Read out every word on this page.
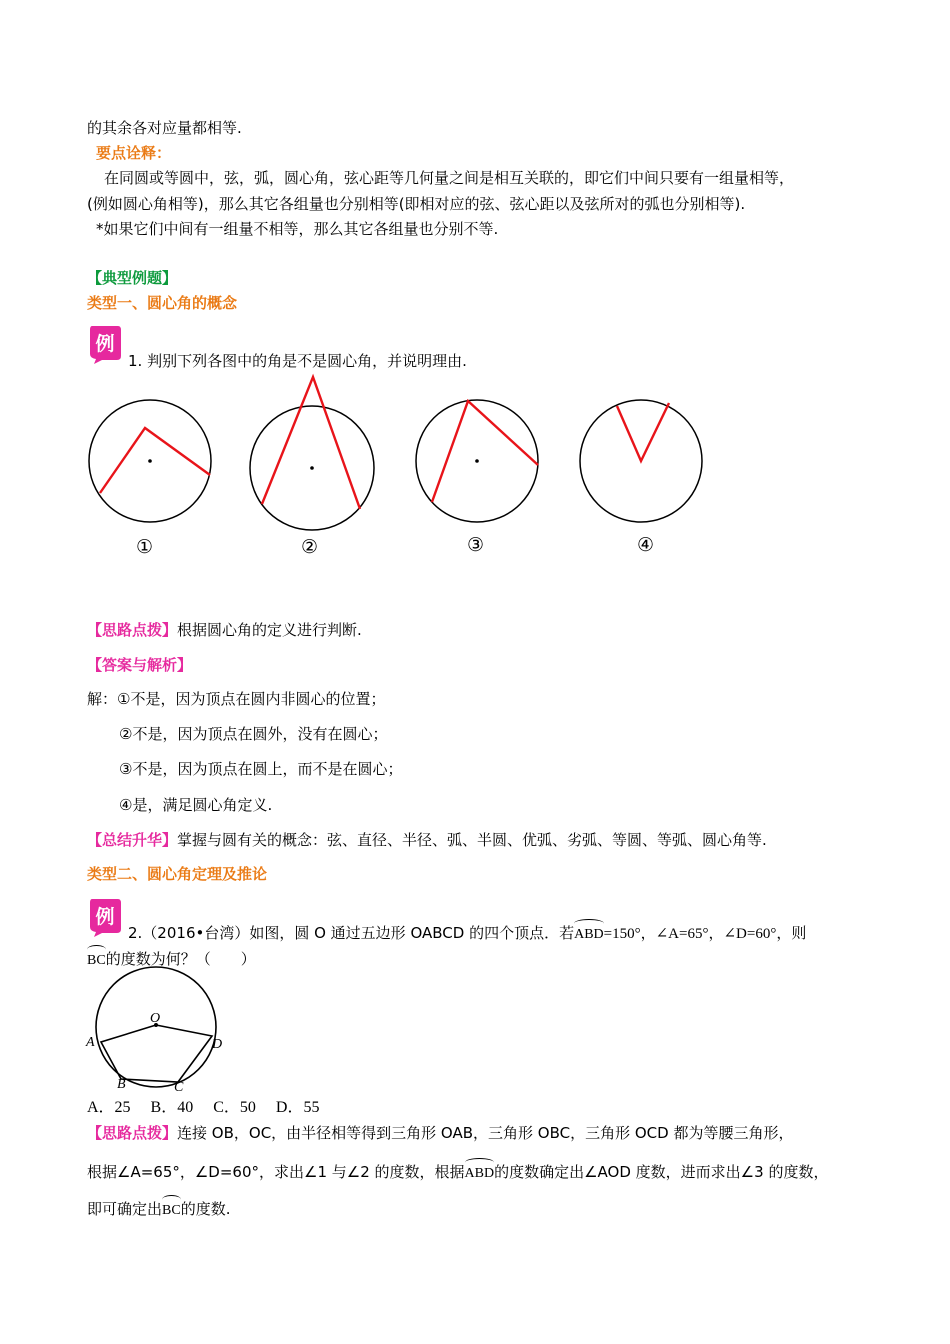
的其余各对应量都相等.
要点诠释：
在同圆或等圆中，弦，弧，圆心角，弦心距等几何量之间是相互关联的，即它们中间只要有一组量相等，
(例如圆心角相等)，那么其它各组量也分别相等(即相对应的弦、弦心距以及弦所对的弧也分别相等).
*如果它们中间有一组量不相等，那么其它各组量也分别不等.
【典型例题】
类型一、圆心角的概念
例
1. 判别下列各图中的角是不是圆心角，并说明理由.
①	②	③	④
【思路点拨】根据圆心角的定义进行判断.
【答案与解析】
解：①不是，因为顶点在圆内非圆心的位置；
②不是，因为顶点在圆外，没有在圆心；
③不是，因为顶点在圆上，而不是在圆心；
④是，满足圆心角定义.
【总结升华】掌握与圆有关的概念：弦、直径、半径、弧、半圆、优弧、劣弧、等圆、等弧、圆心角等.
类型二、圆心角定理及推论
例
2.（2016•台湾）如图，圆 O 通过五边形 OABCD 的四个顶点．若ABD=150°，∠A=65°，∠D=60°，则
BC的度数为何？（　　）
O
A
B	C
D
A．25　 B．40　 C．50　 D．55
【思路点拨】连接 OB，OC，由半径相等得到三角形 OAB，三角形 OBC，三角形 OCD 都为等腰三角形，
根据∠A=65°，∠D=60°，求出∠1 与∠2 的度数，根据ABD的度数确定出∠AOD 度数，进而求出∠3 的度数，
即可确定出BC的度数.
